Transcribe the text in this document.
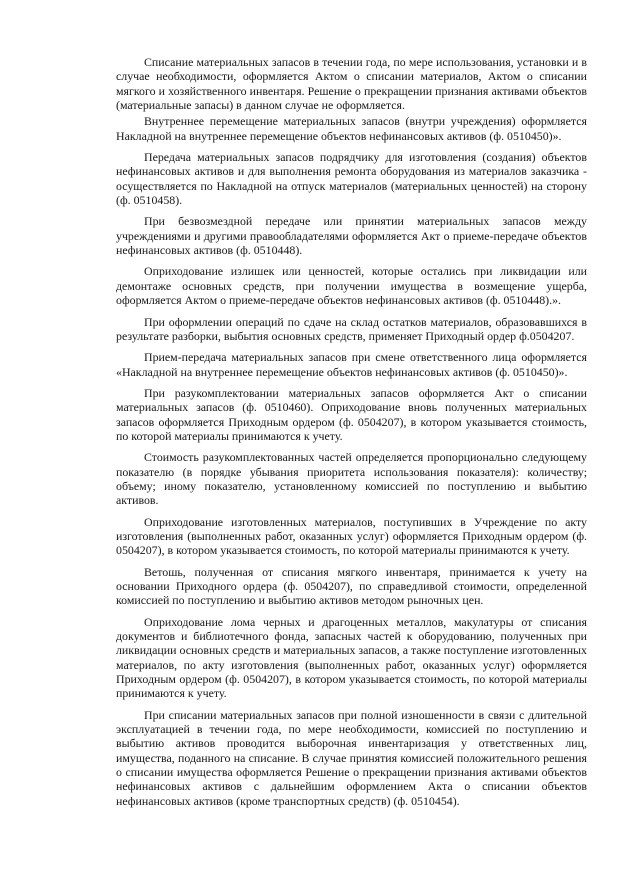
Списание материальных запасов в течении года, по мере использования, установки и в случае необходимости, оформляется Актом о списании материалов, Актом о списании мягкого и хозяйственного инвентаря. Решение о прекращении признания активами объектов (материальные запасы) в данном случае не оформляется.

Внутреннее перемещение материальных запасов (внутри учреждения) оформляется Накладной на внутреннее перемещение объектов нефинансовых активов (ф. 0510450)».

Передача материальных запасов подрядчику для изготовления (создания) объектов нефинансовых активов и для выполнения ремонта оборудования из материалов заказчика - осуществляется по Накладной на отпуск материалов (материальных ценностей) на сторону (ф. 0510458).

При безвозмездной передаче или принятии материальных запасов между учреждениями и другими правообладателями оформляется Акт о приеме-передаче объектов нефинансовых активов (ф. 0510448).

Оприходование излишек или ценностей, которые остались при ликвидации или демонтаже основных средств, при получении имущества в возмещение ущерба, оформляется Актом о приеме-передаче объектов нефинансовых активов (ф. 0510448).».

При оформлении операций по сдаче на склад остатков материалов, образовавшихся в результате разборки, выбытия основных средств, применяет Приходный ордер ф.0504207.

Прием-передача материальных запасов при смене ответственного лица оформляется «Накладной на внутреннее перемещение объектов нефинансовых активов (ф. 0510450)».

При разукомплектовании материальных запасов оформляется Акт о списании материальных запасов (ф. 0510460). Оприходование вновь полученных материальных запасов оформляется Приходным ордером (ф. 0504207), в котором указывается стоимость, по которой материалы принимаются к учету.

Стоимость разукомплектованных частей определяется пропорционально следующему показателю (в порядке убывания приоритета использования показателя): количеству; объему; иному показателю, установленному комиссией по поступлению и выбытию активов.

Оприходование изготовленных материалов, поступивших в Учреждение по акту изготовления (выполненных работ, оказанных услуг) оформляется Приходным ордером (ф. 0504207), в котором указывается стоимость, по которой материалы принимаются к учету.

Ветошь, полученная от списания мягкого инвентаря, принимается к учету на основании Приходного ордера (ф. 0504207), по справедливой стоимости, определенной комиссией по поступлению и выбытию активов методом рыночных цен.

Оприходование лома черных и драгоценных металлов, макулатуры от списания документов и библиотечного фонда, запасных частей к оборудованию, полученных при ликвидации основных средств и материальных запасов, а также поступление изготовленных материалов, по акту изготовления (выполненных работ, оказанных услуг) оформляется Приходным ордером (ф. 0504207), в котором указывается стоимость, по которой материалы принимаются к учету.

При списании материальных запасов при полной изношенности в связи с длительной эксплуатацией в течении года, по мере необходимости, комиссией по поступлению и выбытию активов проводится выборочная инвентаризация у ответственных лиц, имущества, поданного на списание. В случае принятия комиссией положительного решения о списании имущества оформляется Решение о прекращении признания активами объектов нефинансовых активов с дальнейшим оформлением Акта о списании объектов нефинансовых активов (кроме транспортных средств) (ф. 0510454).
